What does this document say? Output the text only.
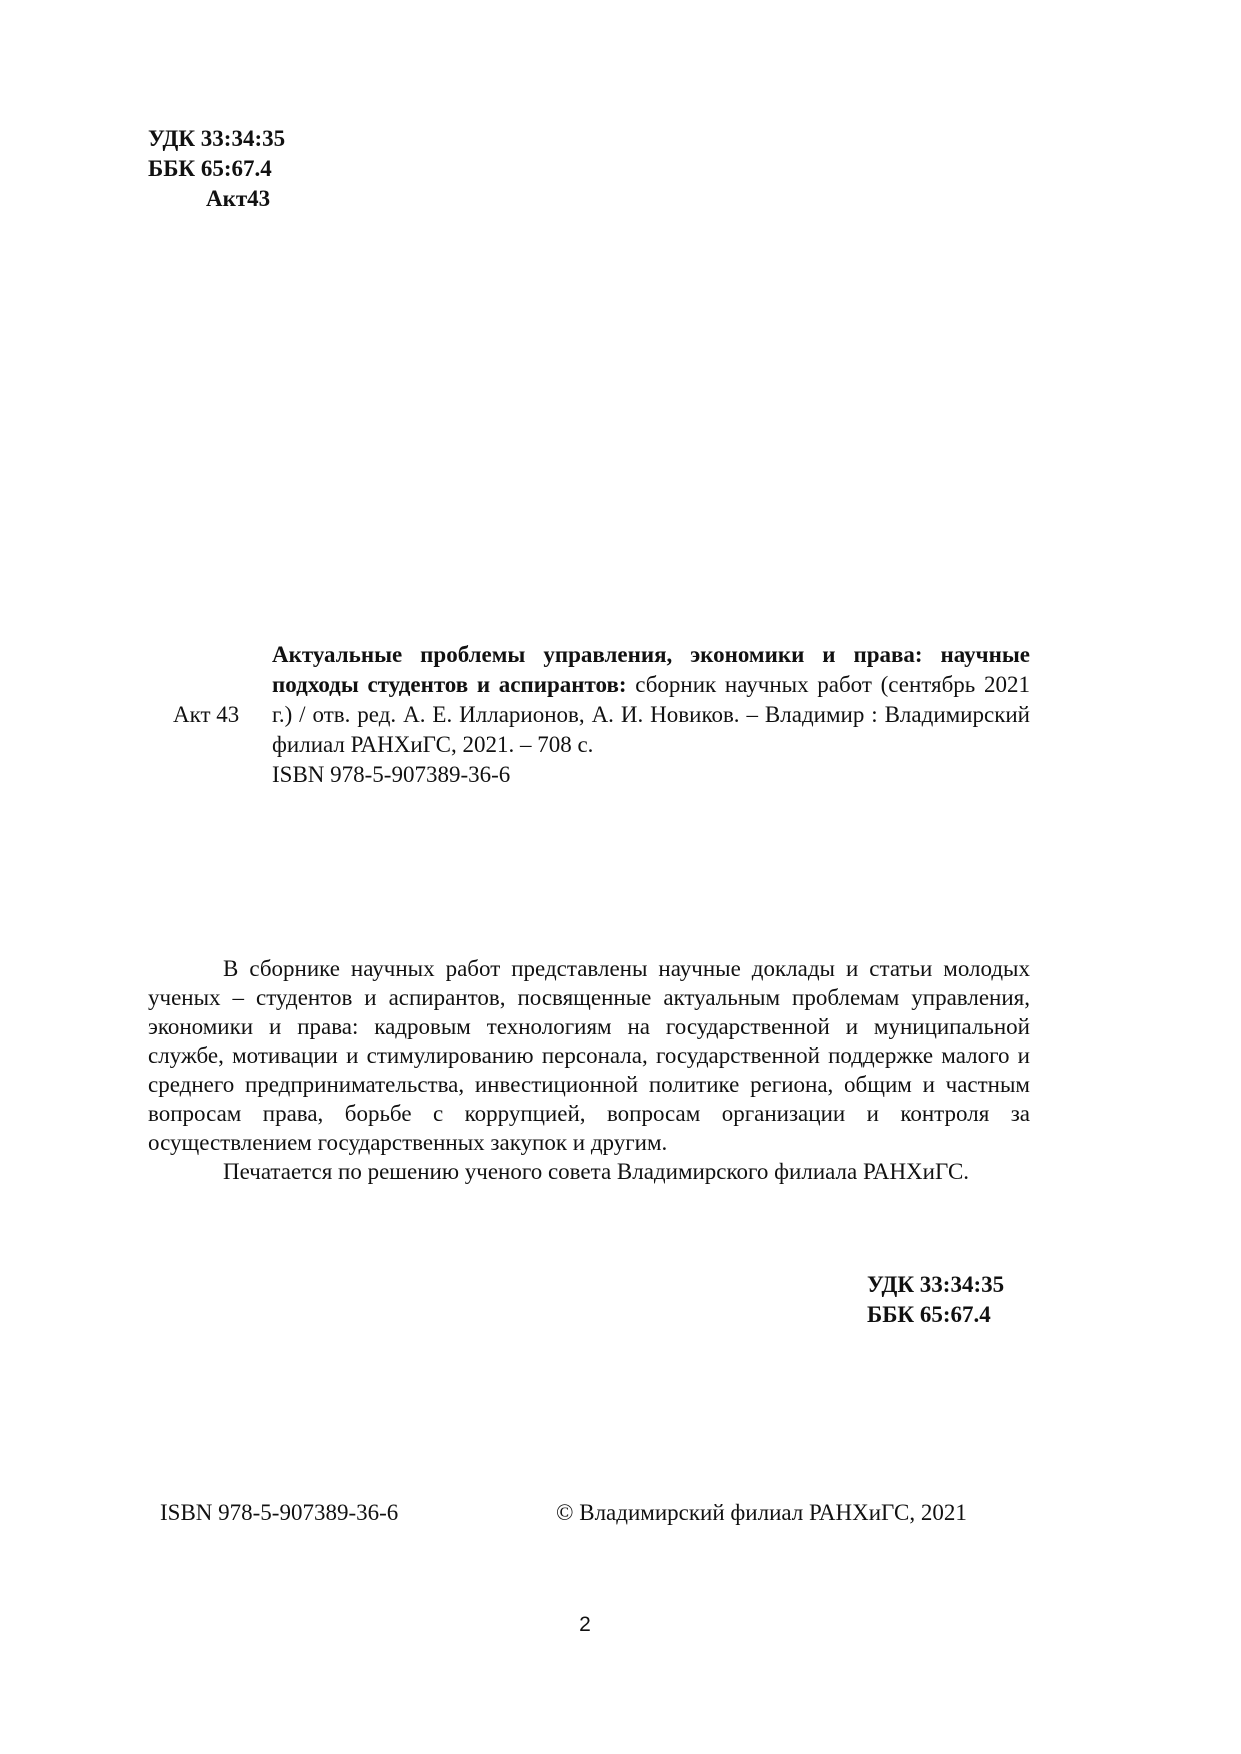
УДК 33:34:35
ББК 65:67.4
Акт43
Акт 43
Актуальные проблемы управления, экономики и права: научные подходы студентов и аспирантов: сборник научных работ (сентябрь 2021 г.) / отв. ред. А. Е. Илларионов, А. И. Новиков. – Владимир : Владимирский филиал РАНХиГС, 2021. – 708 с.
ISBN 978-5-907389-36-6

В сборнике научных работ представлены научные доклады и статьи молодых ученых – студентов и аспирантов, посвященные актуальным проблемам управления, экономики и права: кадровым технологиям на государственной и муниципальной службе, мотивации и стимулированию персонала, государственной поддержке малого и среднего предпринимательства, инвестиционной политике региона, общим и частным вопросам права, борьбе с коррупцией, вопросам организации и контроля за осуществлением государственных закупок и другим.

Печатается по решению ученого совета Владимирского филиала РАНХиГС.

УДК 33:34:35
ББК 65:67.4
ISBN 978-5-907389-36-6	© Владимирский филиал РАНХиГС, 2021
2
